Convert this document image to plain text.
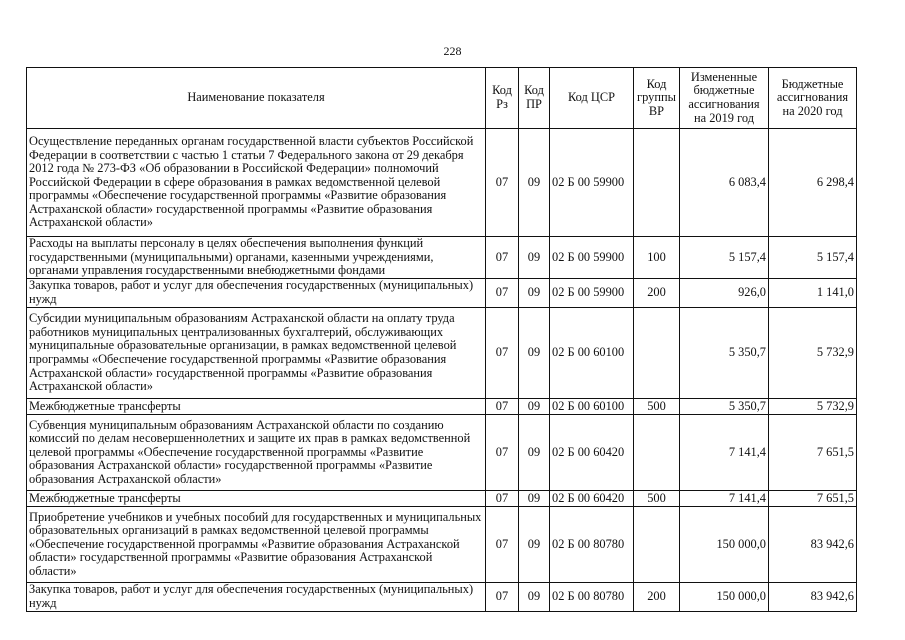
228
Наименование показателя	Код Рз	Код ПР	Код ЦСР	Код группы ВР	Измененные бюджетные ассигнования на 2019 год	Бюджетные ассигнования на 2020 год
Осуществление переданных органам государственной власти субъектов Российской Федерации в соответствии с частью 1 статьи 7 Федерального закона от 29 декабря 2012 года № 273-ФЗ «Об образовании в Российской Федерации» полномочий Российской Федерации в сфере образования в рамках ведомственной целевой программы «Обеспечение государственной программы «Развитие образования Астраханской области» государственной программы «Развитие образования Астраханской области»	07	09	02 Б 00 59900		6 083,4	6 298,4
Расходы на выплаты персоналу в целях обеспечения выполнения функций государственными (муниципальными) органами, казенными учреждениями, органами управления государственными внебюджетными фондами	07	09	02 Б 00 59900	100	5 157,4	5 157,4
Закупка товаров, работ и услуг для обеспечения государственных (муниципальных) нужд	07	09	02 Б 00 59900	200	926,0	1 141,0
Субсидии муниципальным образованиям Астраханской области на оплату труда работников муниципальных централизованных бухгалтерий, обслуживающих муниципальные образовательные организации, в рамках ведомственной целевой программы «Обеспечение государственной программы «Развитие образования Астраханской области» государственной программы «Развитие образования Астраханской области»	07	09	02 Б 00 60100		5 350,7	5 732,9
Межбюджетные трансферты	07	09	02 Б 00 60100	500	5 350,7	5 732,9
Субвенция муниципальным образованиям Астраханской области по созданию комиссий по делам несовершеннолетних и защите их прав в рамках ведомственной целевой программы «Обеспечение государственной программы «Развитие образования Астраханской области» государственной программы «Развитие образования Астраханской области»	07	09	02 Б 00 60420		7 141,4	7 651,5
Межбюджетные трансферты	07	09	02 Б 00 60420	500	7 141,4	7 651,5
Приобретение учебников и учебных пособий для государственных и муниципальных образовательных организаций в рамках ведомственной целевой программы «Обеспечение государственной программы «Развитие образования Астраханской области» государственной программы «Развитие образования Астраханской области»	07	09	02 Б 00 80780		150 000,0	83 942,6
Закупка товаров, работ и услуг для обеспечения государственных (муниципальных) нужд	07	09	02 Б 00 80780	200	150 000,0	83 942,6
